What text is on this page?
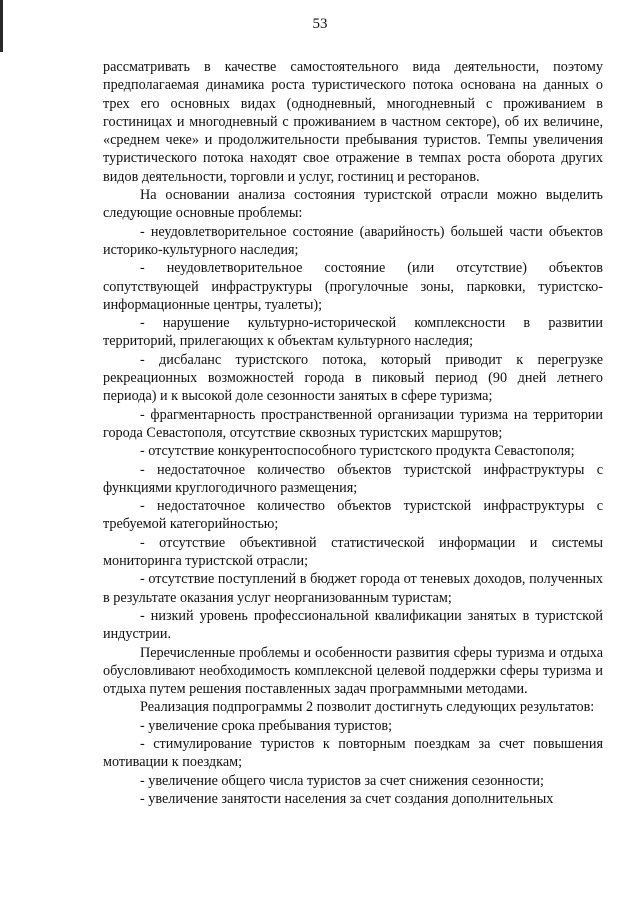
53

рассматривать в качестве самостоятельного вида деятельности, поэтому предполагаемая динамика роста туристического потока основана на данных о трех его основных видах (однодневный, многодневный с проживанием в гостиницах и многодневный с проживанием в частном секторе), об их величине, «среднем чеке» и продолжительности пребывания туристов. Темпы увеличения туристического потока находят свое отражение в темпах роста оборота других видов деятельности, торговли и услуг, гостиниц и ресторанов.

На основании анализа состояния туристской отрасли можно выделить следующие основные проблемы:

- неудовлетворительное состояние (аварийность) большей части объектов историко-культурного наследия;

- неудовлетворительное состояние (или отсутствие) объектов сопутствующей инфраструктуры (прогулочные зоны, парковки, туристско-информационные центры, туалеты);

- нарушение культурно-исторической комплексности в развитии территорий, прилегающих к объектам культурного наследия;

- дисбаланс туристского потока, который приводит к перегрузке рекреационных возможностей города в пиковый период (90 дней летнего периода) и к высокой доле сезонности занятых в сфере туризма;

- фрагментарность пространственной организации туризма на территории города Севастополя, отсутствие сквозных туристских маршрутов;

- отсутствие конкурентоспособного туристского продукта Севастополя;

- недостаточное количество объектов туристской инфраструктуры с функциями круглогодичного размещения;

- недостаточное количество объектов туристской инфраструктуры с требуемой категорийностью;

- отсутствие объективной статистической информации и системы мониторинга туристской отрасли;

- отсутствие поступлений в бюджет города от теневых доходов, полученных в результате оказания услуг неорганизованным туристам;

- низкий уровень профессиональной квалификации занятых в туристской индустрии.

Перечисленные проблемы и особенности развития сферы туризма и отдыха обусловливают необходимость комплексной целевой поддержки сферы туризма и отдыха путем решения поставленных задач программными методами.

Реализация подпрограммы 2 позволит достигнуть следующих результатов:

- увеличение срока пребывания туристов;

- стимулирование туристов к повторным поездкам за счет повышения мотивации к поездкам;

- увеличение общего числа туристов за счет снижения сезонности;

- увеличение занятости населения за счет создания дополнительных
